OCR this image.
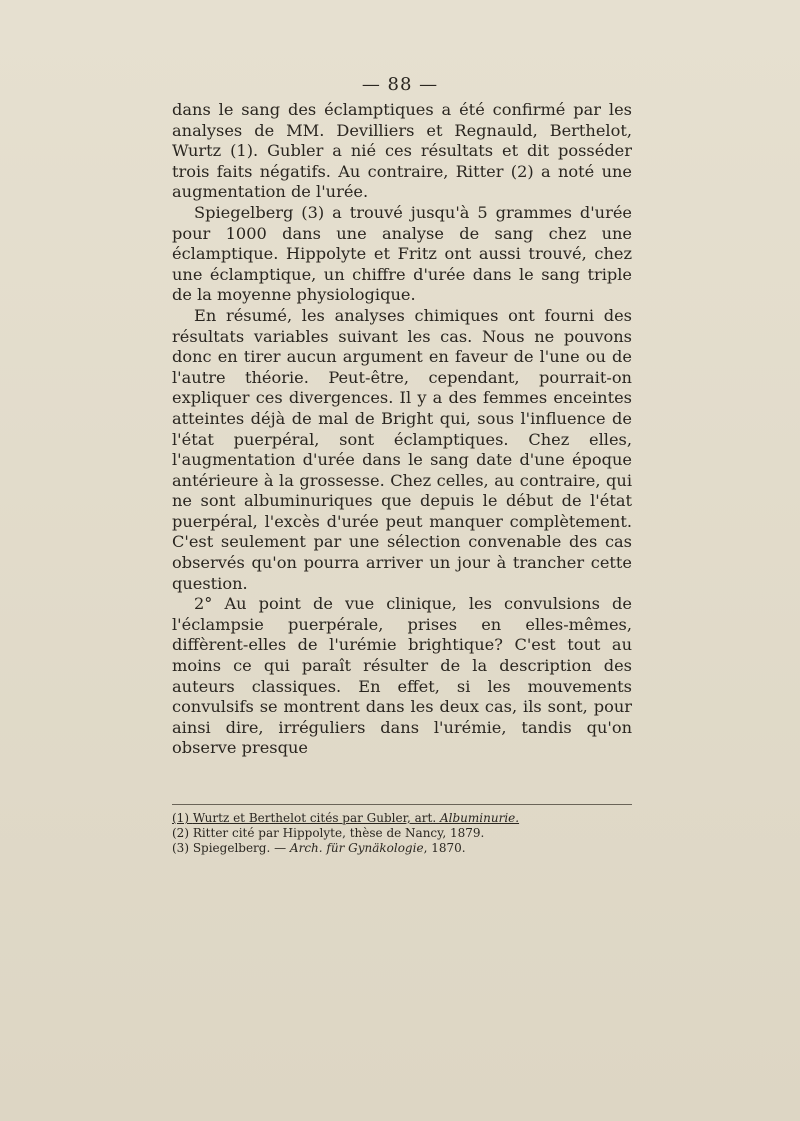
— 88 —

dans le sang des éclamptiques a été confirmé par les analyses de MM. Devilliers et Regnauld, Berthelot, Wurtz (1). Gubler a nié ces résultats et dit posséder trois faits négatifs. Au contraire, Ritter (2) a noté une augmentation de l'urée.

Spiegelberg (3) a trouvé jusqu'à 5 grammes d'urée pour 1000 dans une analyse de sang chez une éclamptique. Hippolyte et Fritz ont aussi trouvé, chez une éclamptique, un chiffre d'urée dans le sang triple de la moyenne physiologique.

En résumé, les analyses chimiques ont fourni des résultats variables suivant les cas. Nous ne pouvons donc en tirer aucun argument en faveur de l'une ou de l'autre théorie. Peut-être, cependant, pourrait-on expliquer ces divergences. Il y a des femmes enceintes atteintes déjà de mal de Bright qui, sous l'influence de l'état puerpéral, sont éclamptiques. Chez elles, l'augmentation d'urée dans le sang date d'une époque antérieure à la grossesse. Chez celles, au contraire, qui ne sont albuminuriques que depuis le début de l'état puerpéral, l'excès d'urée peut manquer complètement. C'est seulement par une sélection convenable des cas observés qu'on pourra arriver un jour à trancher cette question.

2° Au point de vue clinique, les convulsions de l'éclampsie puerpérale, prises en elles-mêmes, diffèrent-elles de l'urémie brightique? C'est tout au moins ce qui paraît résulter de la description des auteurs classiques. En effet, si les mouvements convulsifs se montrent dans les deux cas, ils sont, pour ainsi dire, irréguliers dans l'urémie, tandis qu'on observe presque

(1) Wurtz et Berthelot cités par Gubler, art. Albuminurie.
(2) Ritter cité par Hippolyte, thèse de Nancy, 1879.
(3) Spiegelberg. — Arch. für Gynäkologie, 1870.
